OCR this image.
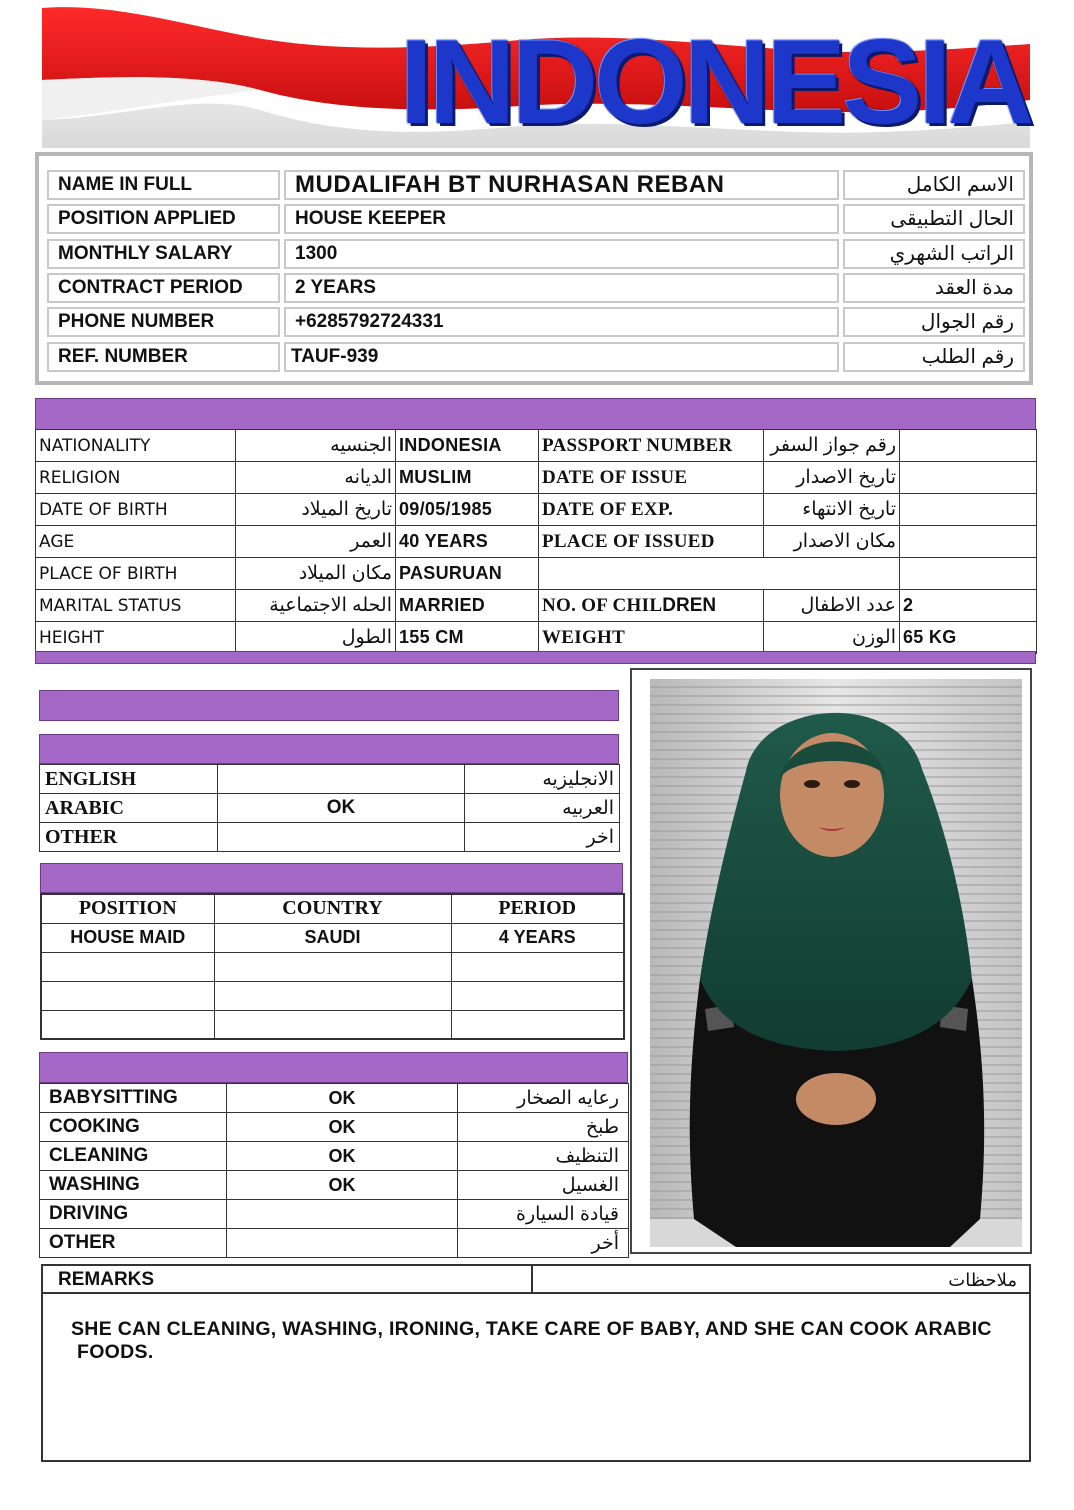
INDONESIA
NAME IN FULL	MUDALIFAH BT NURHASAN REBAN	الاسم الكامل
POSITION APPLIED	HOUSE KEEPER	الحال التطبيقى
MONTHLY SALARY	1300	الراتب الشهري
CONTRACT PERIOD	2 YEARS	مدة العقد
PHONE NUMBER	+6285792724331	رقم الجوال
REF. NUMBER	TAUF-939	رقم الطلب
NATIONALITY	الجنسيه	INDONESIA	PASSPORT NUMBER	رقم جواز السفر	
RELIGION	الديانه	MUSLIM	DATE OF ISSUE	تاريخ الاصدار	
DATE OF BIRTH	تاريخ الميلاد	09/05/1985	DATE OF EXP.	تاريخ الانتهاء	
AGE	العمر	40 YEARS	PLACE OF ISSUED	مكان الاصدار	
PLACE OF BIRTH	مكان الميلاد	PASURUAN			
MARITAL STATUS	الحله الاجتماعية	MARRIED	NO. OF CHILDREN	عدد الاطفال	2
HEIGHT	الطول	155 CM	WEIGHT	الوزن	65 KG
ENGLISH		الانجليزيه
ARABIC	OK	العربيه
OTHER		اخر
POSITION	COUNTRY	PERIOD
HOUSE MAID	SAUDI	4 YEARS

BABYSITTING	OK	رعايه الصخار
COOKING	OK	طبخ
CLEANING	OK	التنظيف
WASHING	OK	الغسيل
DRIVING		قيادة السيارة
OTHER		أخر
REMARKS	ملاحظات
SHE CAN CLEANING, WASHING, IRONING, TAKE CARE OF BABY, AND SHE CAN COOK ARABIC
FOODS.
